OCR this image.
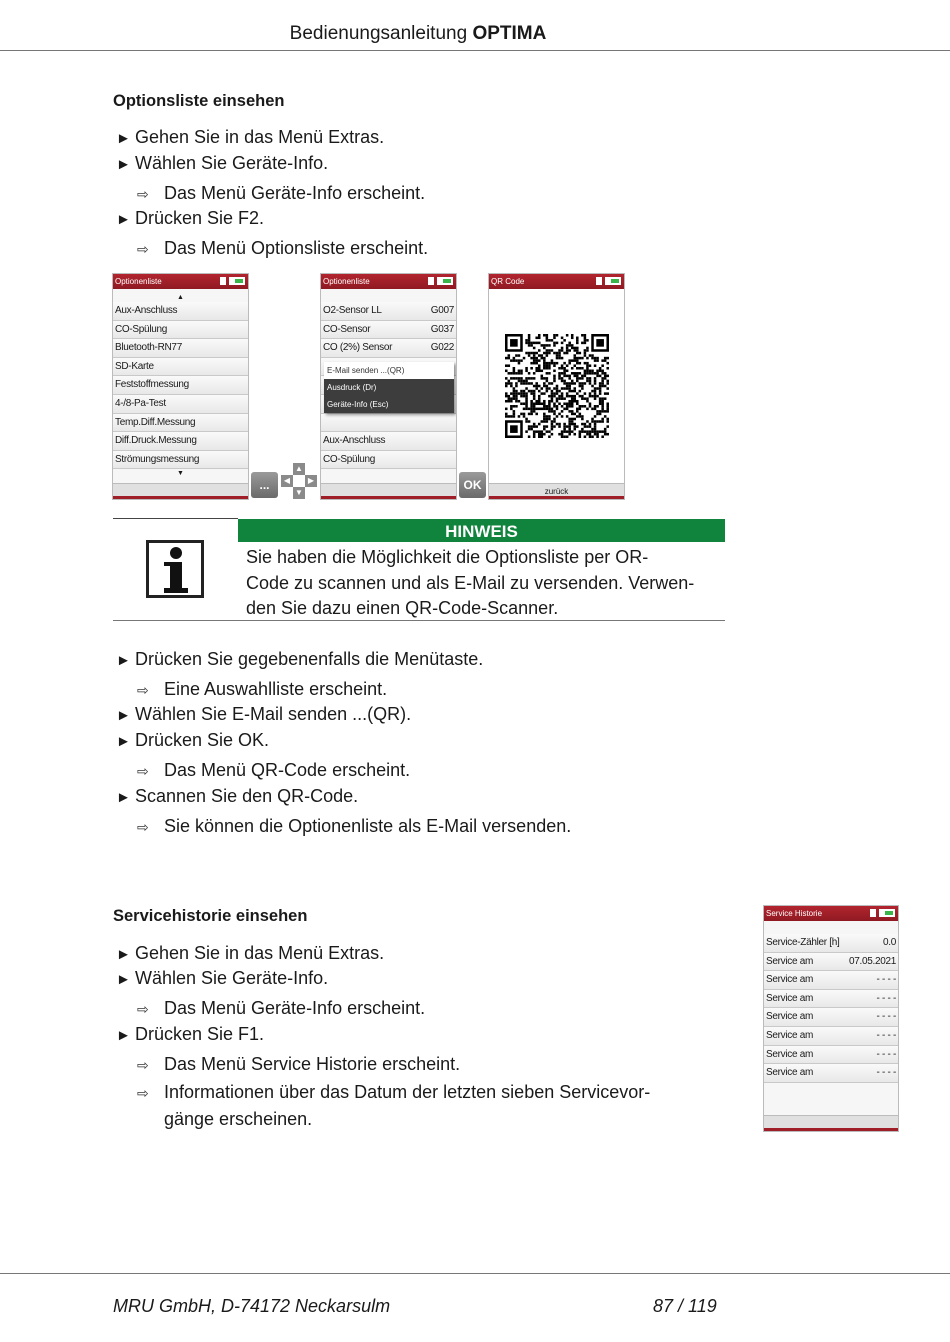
Bedienungsanleitung OPTIMA
Optionsliste einsehen
► Gehen Sie in das Menü Extras.
► Wählen Sie Geräte-Info.
⇨ Das Menü Geräte-Info erscheint.
► Drücken Sie F2.
⇨ Das Menü Optionsliste erscheint.
Optionenliste
▲
Aux-Anschluss
CO-Spülung
Bluetooth-RN77
SD-Karte
Feststoffmessung
4-/8-Pa-Test
Temp.Diff.Messung
Diff.Druck.Messung
Strömungsmessung
▼
...
▲
◀	▶
▼
Optionenliste
O2-Sensor LL	G007
CO-Sensor	G037
CO (2%) Sensor	G022
Aux-Anschluss
CO-Spülung
E-Mail senden ...(QR)
Ausdruck (Dr)
Geräte-Info (Esc)
OK
QR Code
zurück
HINWEIS
Sie haben die Möglichkeit die Optionsliste per OR-
Code zu scannen und als E-Mail zu versenden. Verwen-
den Sie dazu einen QR-Code-Scanner.
► Drücken Sie gegebenenfalls die Menütaste.
⇨ Eine Auswahlliste erscheint.
► Wählen Sie E-Mail senden ...(QR).
► Drücken Sie OK.
⇨ Das Menü QR-Code erscheint.
► Scannen Sie den QR-Code.
⇨ Sie können die Optionenliste als E-Mail versenden.
Servicehistorie einsehen
► Gehen Sie in das Menü Extras.
► Wählen Sie Geräte-Info.
⇨ Das Menü Geräte-Info erscheint.
► Drücken Sie F1.
⇨ Das Menü Service Historie erscheint.
⇨ Informationen über das Datum der letzten sieben Servicevor-
gänge erscheinen.
Service Historie
Service-Zähler [h]	0.0
Service am	07.05.2021
Service am	- - - -
Service am	- - - -
Service am	- - - -
Service am	- - - -
Service am	- - - -
Service am	- - - -
MRU GmbH, D-74172 Neckarsulm	87 / 119
